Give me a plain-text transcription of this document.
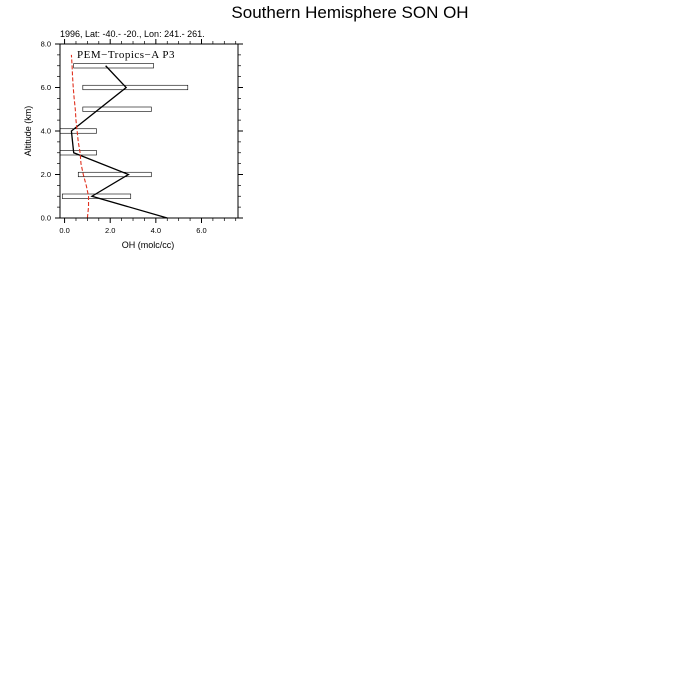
Southern Hemisphere SON OH
1996, Lat: -40.- -20., Lon: 241.- 261.
0.0	2.0	4.0	6.0
0.0
2.0
4.0
6.0
8.0
PEM−Tropics−A P3
OH (molc/cc)
Altitude (km)
